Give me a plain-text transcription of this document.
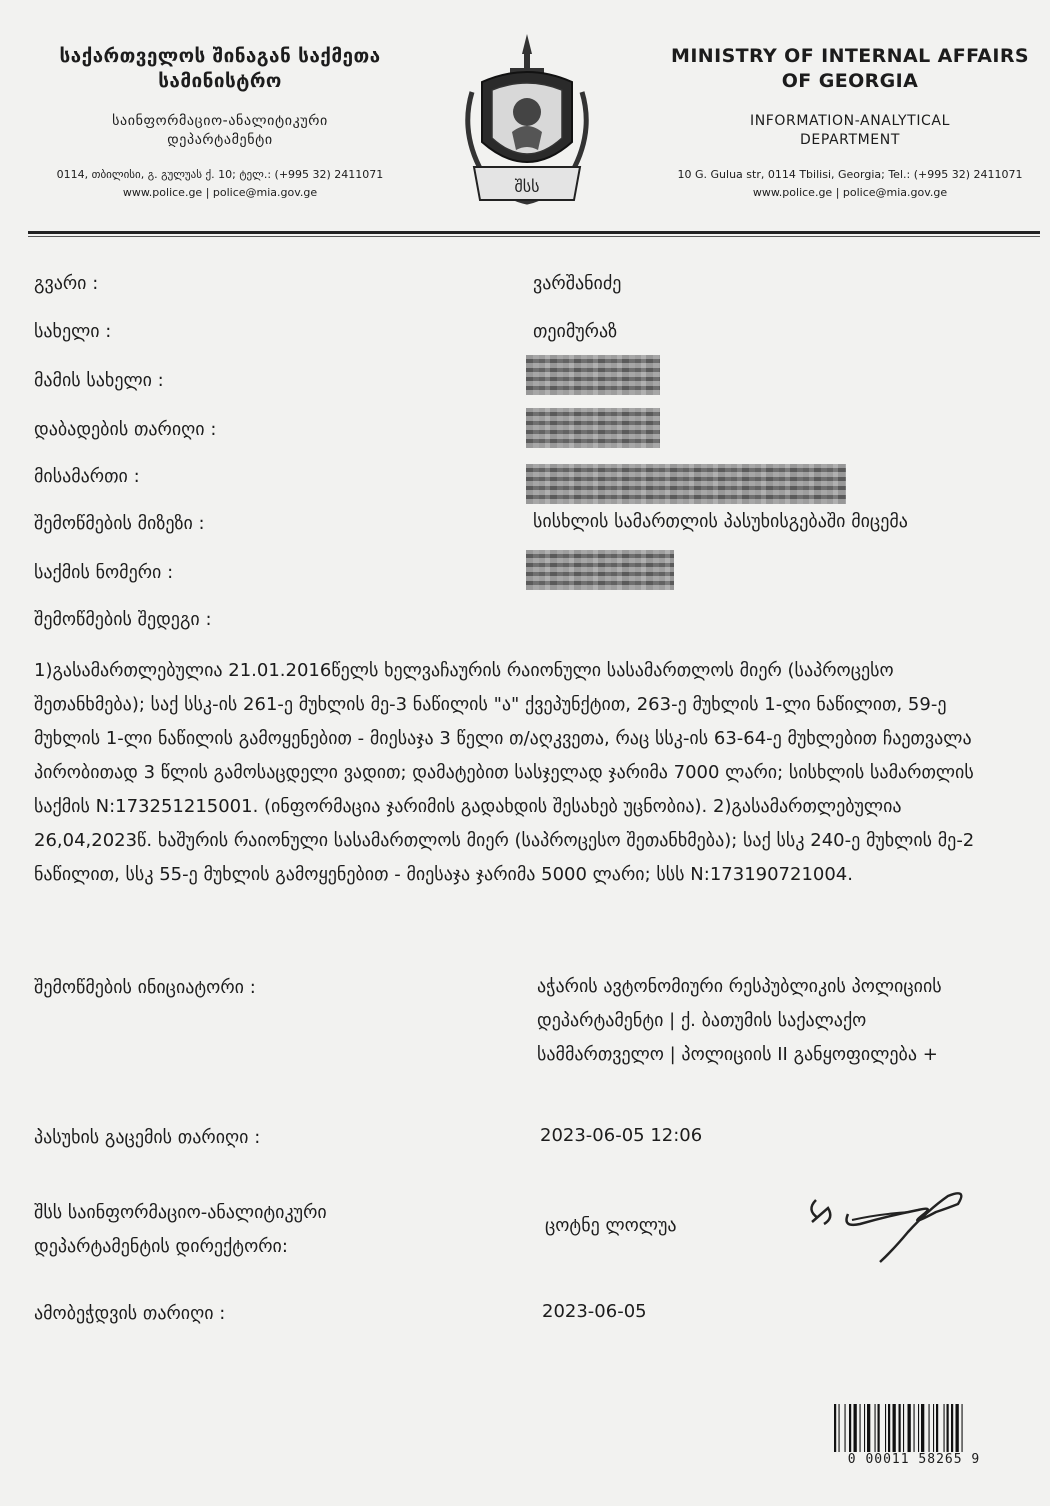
საქართველოს შინაგან საქმეთა სამინისტრო
საინფორმაციო-ანალიტიკური დეპარტამენტი
0114, თბილისი, გ. გულუას ქ. 10; ტელ.: (+995 32) 2411071
www.police.ge | police@mia.gov.ge	შსს
MINISTRY OF INTERNAL AFFAIRS
OF GEORGIA
INFORMATION-ANALYTICAL
DEPARTMENT
10 G. Gulua str, 0114 Tbilisi, Georgia; Tel.: (+995 32) 2411071
www.police.ge | police@mia.gov.ge
გვარი :	ვარშანიძე
სახელი :	თეიმურაზ
მამის სახელი :
დაბადების თარიღი :
მისამართი :
შემოწმების მიზეზი :	სისხლის სამართლის პასუხისგებაში მიცემა
საქმის ნომერი :
შემოწმების შედეგი :
1)გასამართლებულია 21.01.2016წელს ხელვაჩაურის რაიონული სასამართლოს მიერ (საპროცესო შეთანხმება); საქ სსკ-ის 261-ე მუხლის მე-3 ნაწილის "ა" ქვეპუნქტით, 263-ე მუხლის 1-ლი ნაწილით, 59-ე მუხლის 1-ლი ნაწილის გამოყენებით - მიესაჯა 3 წელი თ/აღკვეთა, რაც სსკ-ის 63-64-ე მუხლებით ჩაეთვალა პირობითად 3 წლის გამოსაცდელი ვადით; დამატებით სასჯელად ჯარიმა 7000 ლარი; სისხლის სამართლის საქმის N:173251215001. (ინფორმაცია ჯარიმის გადახდის შესახებ უცნობია). 2)გასამართლებულია 26,04,2023წ. ხაშურის რაიონული სასამართლოს მიერ (საპროცესო შეთანხმება); საქ სსკ 240-ე მუხლის მე-2 ნაწილით, სსკ 55-ე მუხლის გამოყენებით - მიესაჯა ჯარიმა 5000 ლარი; სსს N:173190721004.
შემოწმების ინიციატორი :	აჭარის ავტონომიური რესპუბლიკის პოლიციის დეპარტამენტი | ქ. ბათუმის საქალაქო სამმართველო | პოლიციის II განყოფილება +
პასუხის გაცემის თარიღი :	2023-06-05 12:06
შსს საინფორმაციო-ანალიტიკური
დეპარტამენტის დირექტორი:
ცოტნე ლოლუა
ამობეჭდვის თარიღი :	2023-06-05
0 00011 58265 9
